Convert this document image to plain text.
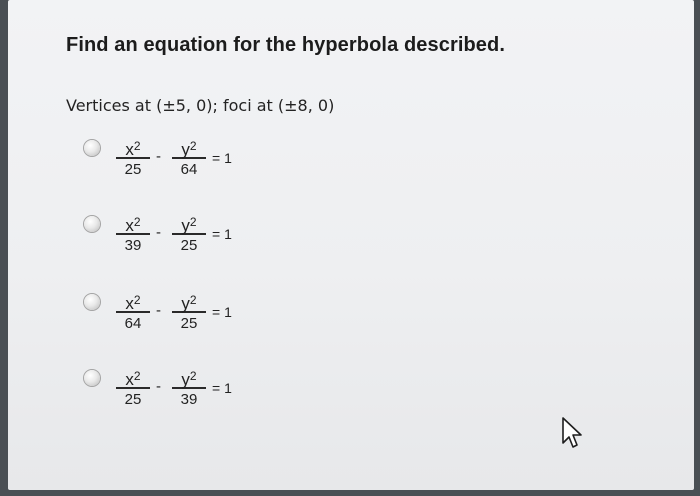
Find an equation for the hyperbola described.
Vertices at (±5, 0); foci at (±8, 0)
$x^2$
25
-	$y^2$
64
= 1
$x^2$
39
-	$y^2$
25
= 1
$x^2$
64
-	$y^2$
25
= 1
$x^2$
25
-	$y^2$
39
= 1
